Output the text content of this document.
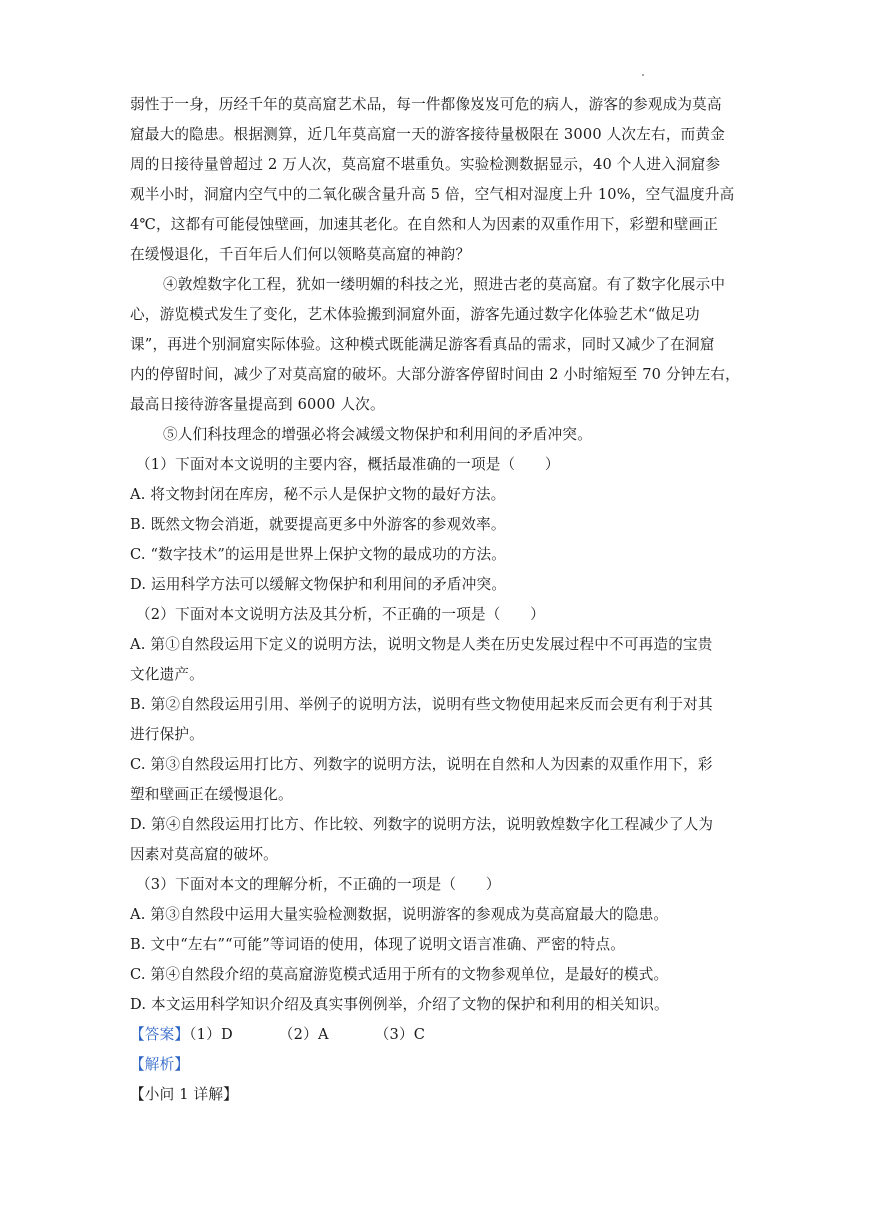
弱性于一身，历经千年的莫高窟艺术品，每一件都像岌岌可危的病人，游客的参观成为莫高
窟最大的隐患。根据测算，近几年莫高窟一天的游客接待量极限在 3000 人次左右，而黄金
周的日接待量曾超过 2 万人次，莫高窟不堪重负。实验检测数据显示，40 个人进入洞窟参
观半小时，洞窟内空气中的二氧化碳含量升高 5 倍，空气相对湿度上升 10%，空气温度升高
4℃，这都有可能侵蚀壁画，加速其老化。在自然和人为因素的双重作用下，彩塑和壁画正
在缓慢退化，千百年后人们何以领略莫高窟的神韵？
④敦煌数字化工程，犹如一缕明媚的科技之光，照进古老的莫高窟。有了数字化展示中
心，游览模式发生了变化，艺术体验搬到洞窟外面，游客先通过数字化体验艺术“做足功
课”，再进个别洞窟实际体验。这种模式既能满足游客看真品的需求，同时又减少了在洞窟
内的停留时间，减少了对莫高窟的破坏。大部分游客停留时间由 2 小时缩短至 70 分钟左右，
最高日接待游客量提高到 6000 人次。
⑤人们科技理念的增强必将会减缓文物保护和利用间的矛盾冲突。
（1）下面对本文说明的主要内容，概括最准确的一项是（　　）
A. 将文物封闭在库房，秘不示人是保护文物的最好方法。
B. 既然文物会消逝，就要提高更多中外游客的参观效率。
C. “数字技术”的运用是世界上保护文物的最成功的方法。
D. 运用科学方法可以缓解文物保护和利用间的矛盾冲突。
（2）下面对本文说明方法及其分析，不正确的一项是（　　）
A. 第①自然段运用下定义的说明方法，说明文物是人类在历史发展过程中不可再造的宝贵
文化遗产。
B. 第②自然段运用引用、举例子的说明方法，说明有些文物使用起来反而会更有利于对其
进行保护。
C. 第③自然段运用打比方、列数字的说明方法，说明在自然和人为因素的双重作用下，彩
塑和壁画正在缓慢退化。
D. 第④自然段运用打比方、作比较、列数字的说明方法，说明敦煌数字化工程减少了人为
因素对莫高窟的破坏。
（3）下面对本文的理解分析，不正确的一项是（　　）
A. 第③自然段中运用大量实验检测数据，说明游客的参观成为莫高窟最大的隐患。
B. 文中“左右”“可能”等词语的使用，体现了说明文语言准确、严密的特点。
C. 第④自然段介绍的莫高窟游览模式适用于所有的文物参观单位，是最好的模式。
D. 本文运用科学知识介绍及真实事例例举，介绍了文物的保护和利用的相关知识。
【答案】（1）D	（2）A	（3）C
【解析】
【小问 1 详解】
